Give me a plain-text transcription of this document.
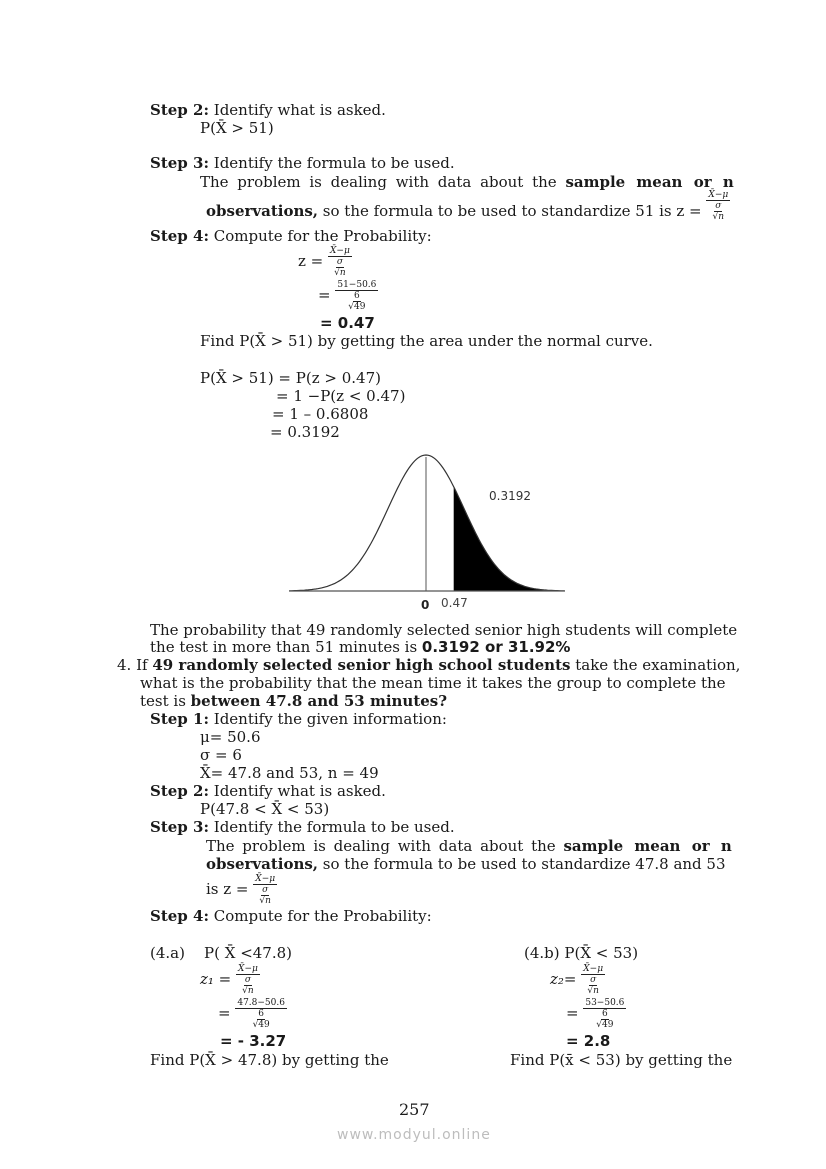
Step 2: Identify what is asked.
P(X̄ > 51)
Step 3: Identify the formula to be used.
The problem is dealing with data about the sample mean or n
observations, so the formula to be used to standardize 51 is z = X̄−μ
σ
√n
Step 4: Compute for the Probability:
z = X̄−μ
σ
√n
= 51−50.6
6
√49
= 0.47
Find P(X̄ > 51) by getting the area under the normal curve.
P(X̄ > 51) = P(z > 0.47)
= 1 −P(z < 0.47)
= 1 – 0.6808
= 0.3192
0.3192
0 0.47
The probability that 49 randomly selected senior high students will complete
the test in more than 51 minutes is 0.3192 or 31.92%
4. If 49 randomly selected senior high school students take the examination,
what is the probability that the mean time it takes the group to complete the
test is between 47.8 and 53 minutes?
Step 1: Identify the given information:
μ= 50.6
σ = 6
X̄= 47.8 and 53, n = 49
Step 2: Identify what is asked.
P(47.8 < X̄ < 53)
Step 3: Identify the formula to be used.
The problem is dealing with data about the sample mean or n
observations, so the formula to be used to standardize 47.8 and 53
is z = X̄−μ
σ
√n
Step 4: Compute for the Probability:
(4.a)    P( X̄ <47.8)
z₁ = X̄−μ
σ
√n
= 47.8−50.6
6
√49
= - 3.27
Find P(X̄ > 47.8) by getting the
(4.b) P(X̄ < 53)
z₂= X̄−μ
σ
√n
= 53−50.6
6
√49
= 2.8
Find P(x̄ < 53) by getting the
257
www.modyul.online
